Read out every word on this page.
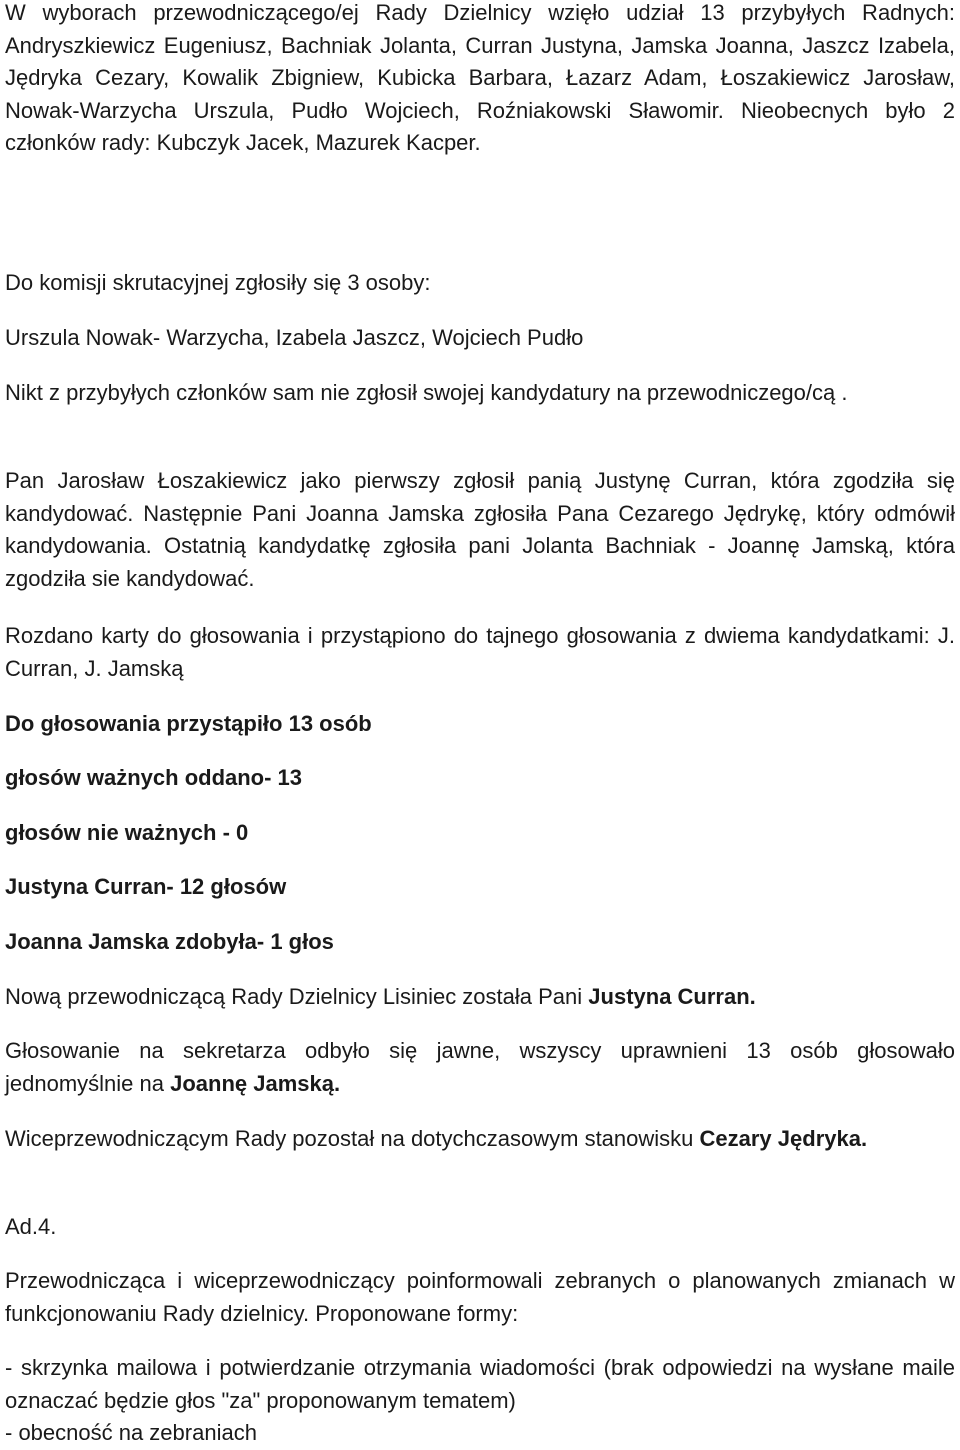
W wyborach przewodniczącego/ej Rady Dzielnicy wzięło udział 13 przybyłych Radnych: Andryszkiewicz Eugeniusz, Bachniak Jolanta, Curran Justyna, Jamska Joanna, Jaszcz Izabela, Jędryka Cezary, Kowalik Zbigniew, Kubicka Barbara, Łazarz Adam, Łoszakiewicz Jarosław, Nowak-Warzycha Urszula, Pudło Wojciech, Roźniakowski Sławomir. Nieobecnych było 2 członków rady: Kubczyk Jacek, Mazurek Kacper.

Do komisji skrutacyjnej zgłosiły się 3 osoby:

Urszula Nowak- Warzycha, Izabela Jaszcz, Wojciech Pudło

Nikt z przybyłych członków sam nie zgłosił swojej kandydatury na przewodniczego/cą .

Pan Jarosław Łoszakiewicz jako pierwszy zgłosił panią Justynę Curran, która zgodziła się kandydować. Następnie Pani Joanna Jamska zgłosiła Pana Cezarego Jędrykę, który odmówił kandydowania. Ostatnią kandydatkę zgłosiła pani Jolanta Bachniak - Joannę Jamską, która zgodziła sie kandydować.

Rozdano karty do głosowania i przystąpiono do tajnego głosowania z dwiema kandydatkami: J. Curran, J. Jamską

Do głosowania przystąpiło 13 osób

głosów ważnych oddano- 13

głosów nie ważnych - 0

Justyna Curran- 12 głosów

Joanna Jamska zdobyła- 1 głos

Nową przewodniczącą Rady Dzielnicy Lisiniec została Pani Justyna Curran.

Głosowanie na sekretarza odbyło się jawne, wszyscy uprawnieni 13 osób głosowało jednomyślnie na Joannę Jamską.

Wiceprzewodniczącym Rady pozostał na dotychczasowym stanowisku Cezary Jędryka.

Ad.4.

Przewodnicząca i wiceprzewodniczący poinformowali zebranych o planowanych zmianach w funkcjonowaniu Rady dzielnicy. Proponowane formy:

- skrzynka mailowa i potwierdzanie otrzymania wiadomości (brak odpowiedzi na wysłane maile oznaczać będzie głos "za" proponowanym tematem)

- obecność na zebraniach
